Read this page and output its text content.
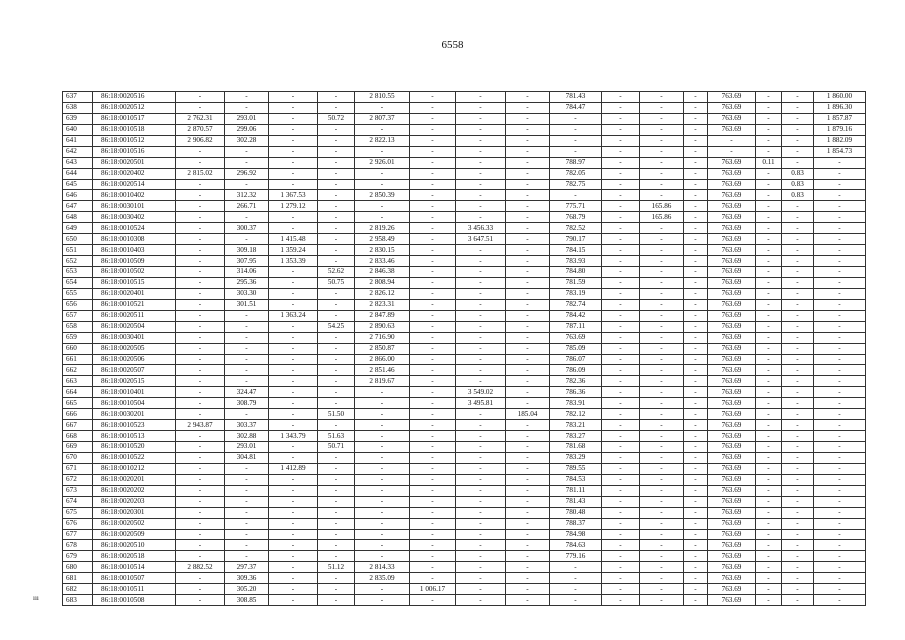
6558
637	86:18:0020516	-	-	-	-	2 810.55	-	-	-	781.43	-	-	-	763.69	-	-	1 860.00
638	86:18:0020512	-	-	-	-	-	-	-	-	784.47	-	-	-	763.69	-	-	1 896.30
639	86:18:0010517	2 762.31	293.01	-	50.72	2 807.37	-	-	-	-	-	-	-	763.69	-	-	1 857.87
640	86:18:0010518	2 870.57	299.06	-	-	-	-	-	-	-	-	-	-	763.69	-	-	1 879.16
641	86:18:0010512	2 906.82	302.28	-	-	2 822.13	-	-	-	-	-	-	-	-	-	-	1 882.09
642	86:18:0010516	-	-	-	-	-	-	-	-	-	-	-	-	-	-	-	1 854.73
643	86:18:0020501	-	-	-	-	2 926.01	-	-	-	788.97	-	-	-	763.69	0.11	-	-
644	86:18:0020402	2 815.02	296.92	-	-	-	-	-	-	782.05	-	-	-	763.69	-	0.83	-
645	86:18:0020514	-	-	-	-	-	-	-	-	782.75	-	-	-	763.69	-	0.83	-
646	86:18:0010402	-	312.32	1 367.53	-	2 850.39	-	-	-	-	-	-	-	763.69	-	0.83	-
647	86:18:0030101	-	266.71	1 279.12	-	-	-	-	-	775.71	-	165.86	-	763.69	-	-	-
648	86:18:0030402	-	-	-	-	-	-	-	-	768.79	-	165.86	-	763.69	-	-	-
649	86:18:0010524	-	300.37	-	-	2 819.26	-	3 456.33	-	782.52	-	-	-	763.69	-	-	-
650	86:18:0010308	-	-	1 415.48	-	2 958.49	-	3 647.51	-	790.17	-	-	-	763.69	-	-	-
651	86:18:0010403	-	309.18	1 359.24	-	2 830.15	-	-	-	784.15	-	-	-	763.69	-	-	-
652	86:18:0010509	-	307.95	1 353.39	-	2 833.46	-	-	-	783.93	-	-	-	763.69	-	-	-
653	86:18:0010502	-	314.06	-	52.62	2 846.38	-	-	-	784.80	-	-	-	763.69	-	-	-
654	86:18:0010515	-	295.36	-	50.75	2 808.94	-	-	-	781.59	-	-	-	763.69	-	-	-
655	86:18:0020401	-	303.30	-	-	2 826.12	-	-	-	783.19	-	-	-	763.69	-	-	-
656	86:18:0010521	-	301.51	-	-	2 823.31	-	-	-	782.74	-	-	-	763.69	-	-	-
657	86:18:0020511	-	-	1 363.24	-	2 847.89	-	-	-	784.42	-	-	-	763.69	-	-	-
658	86:18:0020504	-	-	-	54.25	2 890.63	-	-	-	787.11	-	-	-	763.69	-	-	-
659	86:18:0030401	-	-	-	-	2 716.90	-	-	-	763.69	-	-	-	763.69	-	-	-
660	86:18:0020505	-	-	-	-	2 850.87	-	-	-	785.09	-	-	-	763.69	-	-	-
661	86:18:0020506	-	-	-	-	2 866.00	-	-	-	786.07	-	-	-	763.69	-	-	-
662	86:18:0020507	-	-	-	-	2 851.46	-	-	-	786.09	-	-	-	763.69	-	-	-
663	86:18:0020515	-	-	-	-	2 819.67	-	-	-	782.36	-	-	-	763.69	-	-	-
664	86:18:0010401	-	324.47	-	-	-	-	3 549.02	-	786.36	-	-	-	763.69	-	-	-
665	86:18:0010504	-	308.79	-	-	-	-	3 495.81	-	783.91	-	-	-	763.69	-	-	-
666	86:18:0030201	-	-	-	51.50	-	-	-	185.04	782.12	-	-	-	763.69	-	-	-
667	86:18:0010523	2 943.87	303.37	-	-	-	-	-	-	783.21	-	-	-	763.69	-	-	-
668	86:18:0010513	-	302.88	1 343.79	51.63	-	-	-	-	783.27	-	-	-	763.69	-	-	-
669	86:18:0010520	-	293.01	-	50.71	-	-	-	-	781.68	-	-	-	763.69	-	-	-
670	86:18:0010522	-	304.81	-	-	-	-	-	-	783.29	-	-	-	763.69	-	-	-
671	86:18:0010212	-	-	1 412.89	-	-	-	-	-	789.55	-	-	-	763.69	-	-	-
672	86:18:0020201	-	-	-	-	-	-	-	-	784.53	-	-	-	763.69	-	-	-
673	86:18:0020202	-	-	-	-	-	-	-	-	781.11	-	-	-	763.69	-	-	-
674	86:18:0020203	-	-	-	-	-	-	-	-	781.43	-	-	-	763.69	-	-	-
675	86:18:0020301	-	-	-	-	-	-	-	-	780.48	-	-	-	763.69	-	-	-
676	86:18:0020502	-	-	-	-	-	-	-	-	788.37	-	-	-	763.69	-	-	-
677	86:18:0020509	-	-	-	-	-	-	-	-	784.98	-	-	-	763.69	-	-	-
678	86:18:0020510	-	-	-	-	-	-	-	-	784.63	-	-	-	763.69	-	-	-
679	86:18:0020518	-	-	-	-	-	-	-	-	779.16	-	-	-	763.69	-	-	-
680	86:18:0010514	2 882.52	297.37	-	51.12	2 814.33	-	-	-	-	-	-	-	763.69	-	-	-
681	86:18:0010507	-	309.36	-	-	2 835.09	-	-	-	-	-	-	-	763.69	-	-	-
682	86:18:0010511	-	305.20	-	-	-	1 006.17	-	-	-	-	-	-	763.69	-	-	-
683	86:18:0010508	-	308.85	-	-	-	-	-	-	-	-	-	-	763.69	-	-	-
ııı
